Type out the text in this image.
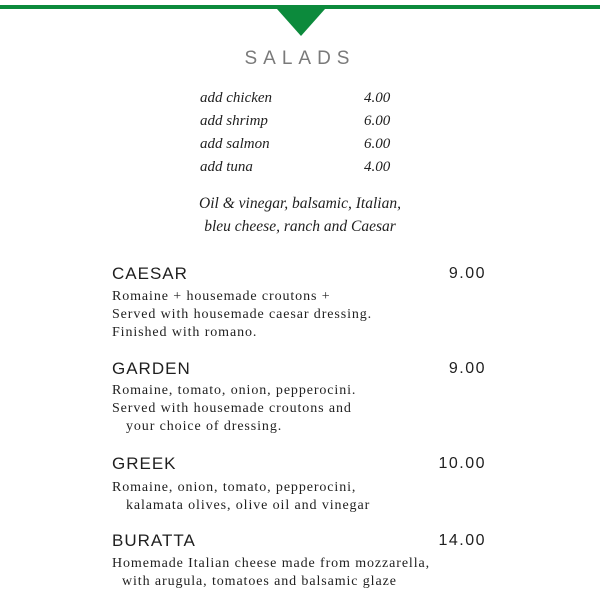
SALADS
add chicken	4.00
add shrimp	6.00
add salmon	6.00
add tuna	4.00
Oil & vinegar, balsamic, Italian,
bleu cheese, ranch and Caesar
CAESAR	9.00
Romaine + housemade croutons +
Served with housemade caesar dressing.
Finished with romano.
GARDEN	9.00
Romaine, tomato, onion, pepperocini.
Served with housemade croutons and
your choice of dressing.
GREEK	10.00
Romaine, onion, tomato, pepperocini,
kalamata olives, olive oil and vinegar
BURATTA	14.00
Homemade Italian cheese made from mozzarella,
with arugula, tomatoes and balsamic glaze
